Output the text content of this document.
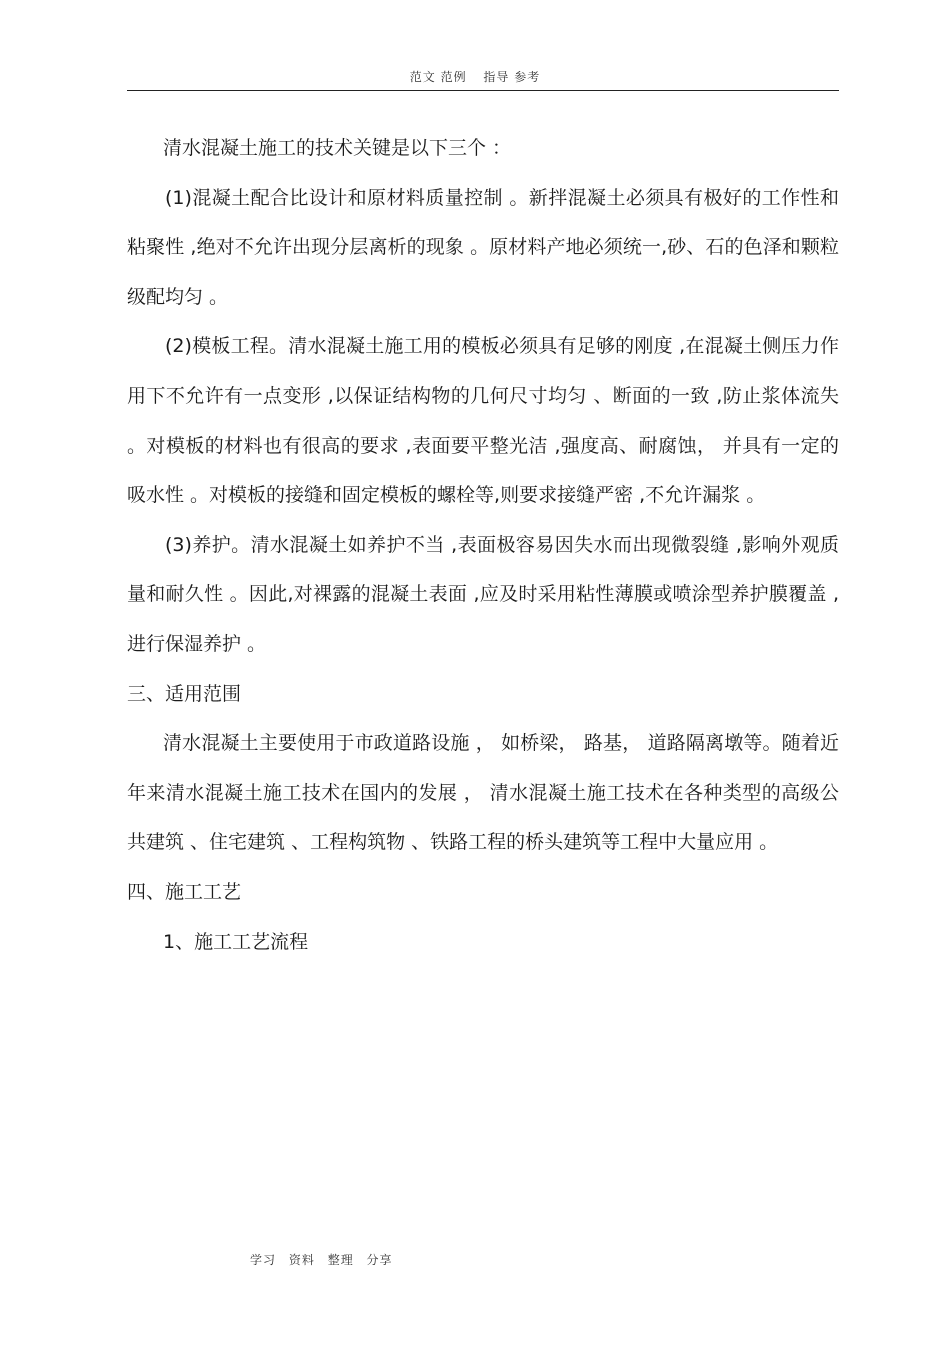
范文 范例 指导 参考

清水混凝土施工的技术关键是以下三个 ：

(1)混凝土配合比设计和原材料质量控制 。新拌混凝土必须具有极好的工作性和粘聚性 ,绝对不允许出现分层离析的现象 。原材料产地必须统一,砂、石的色泽和颗粒级配均匀 。

(2)模板工程。清水混凝土施工用的模板必须具有足够的刚度 ,在混凝土侧压力作用下不允许有一点变形 ,以保证结构物的几何尺寸均匀 、断面的一致 ,防止浆体流失 。对模板的材料也有很高的要求 ,表面要平整光洁 ,强度高、耐腐蚀， 并具有一定的吸水性 。对模板的接缝和固定模板的螺栓等,则要求接缝严密 ,不允许漏浆 。

(3)养护。清水混凝土如养护不当 ,表面极容易因失水而出现微裂缝 ,影响外观质量和耐久性 。因此,对裸露的混凝土表面 ,应及时采用粘性薄膜或喷涂型养护膜覆盖 ,进行保湿养护 。

三、适用范围

清水混凝土主要使用于市政道路设施 ， 如桥梁， 路基， 道路隔离墩等。随着近年来清水混凝土施工技术在国内的发展 ， 清水混凝土施工技术在各种类型的高级公共建筑 、住宅建筑 、工程构筑物 、铁路工程的桥头建筑等工程中大量应用 。

四、施工工艺

1、施工工艺流程

学习 资料 整理 分享
